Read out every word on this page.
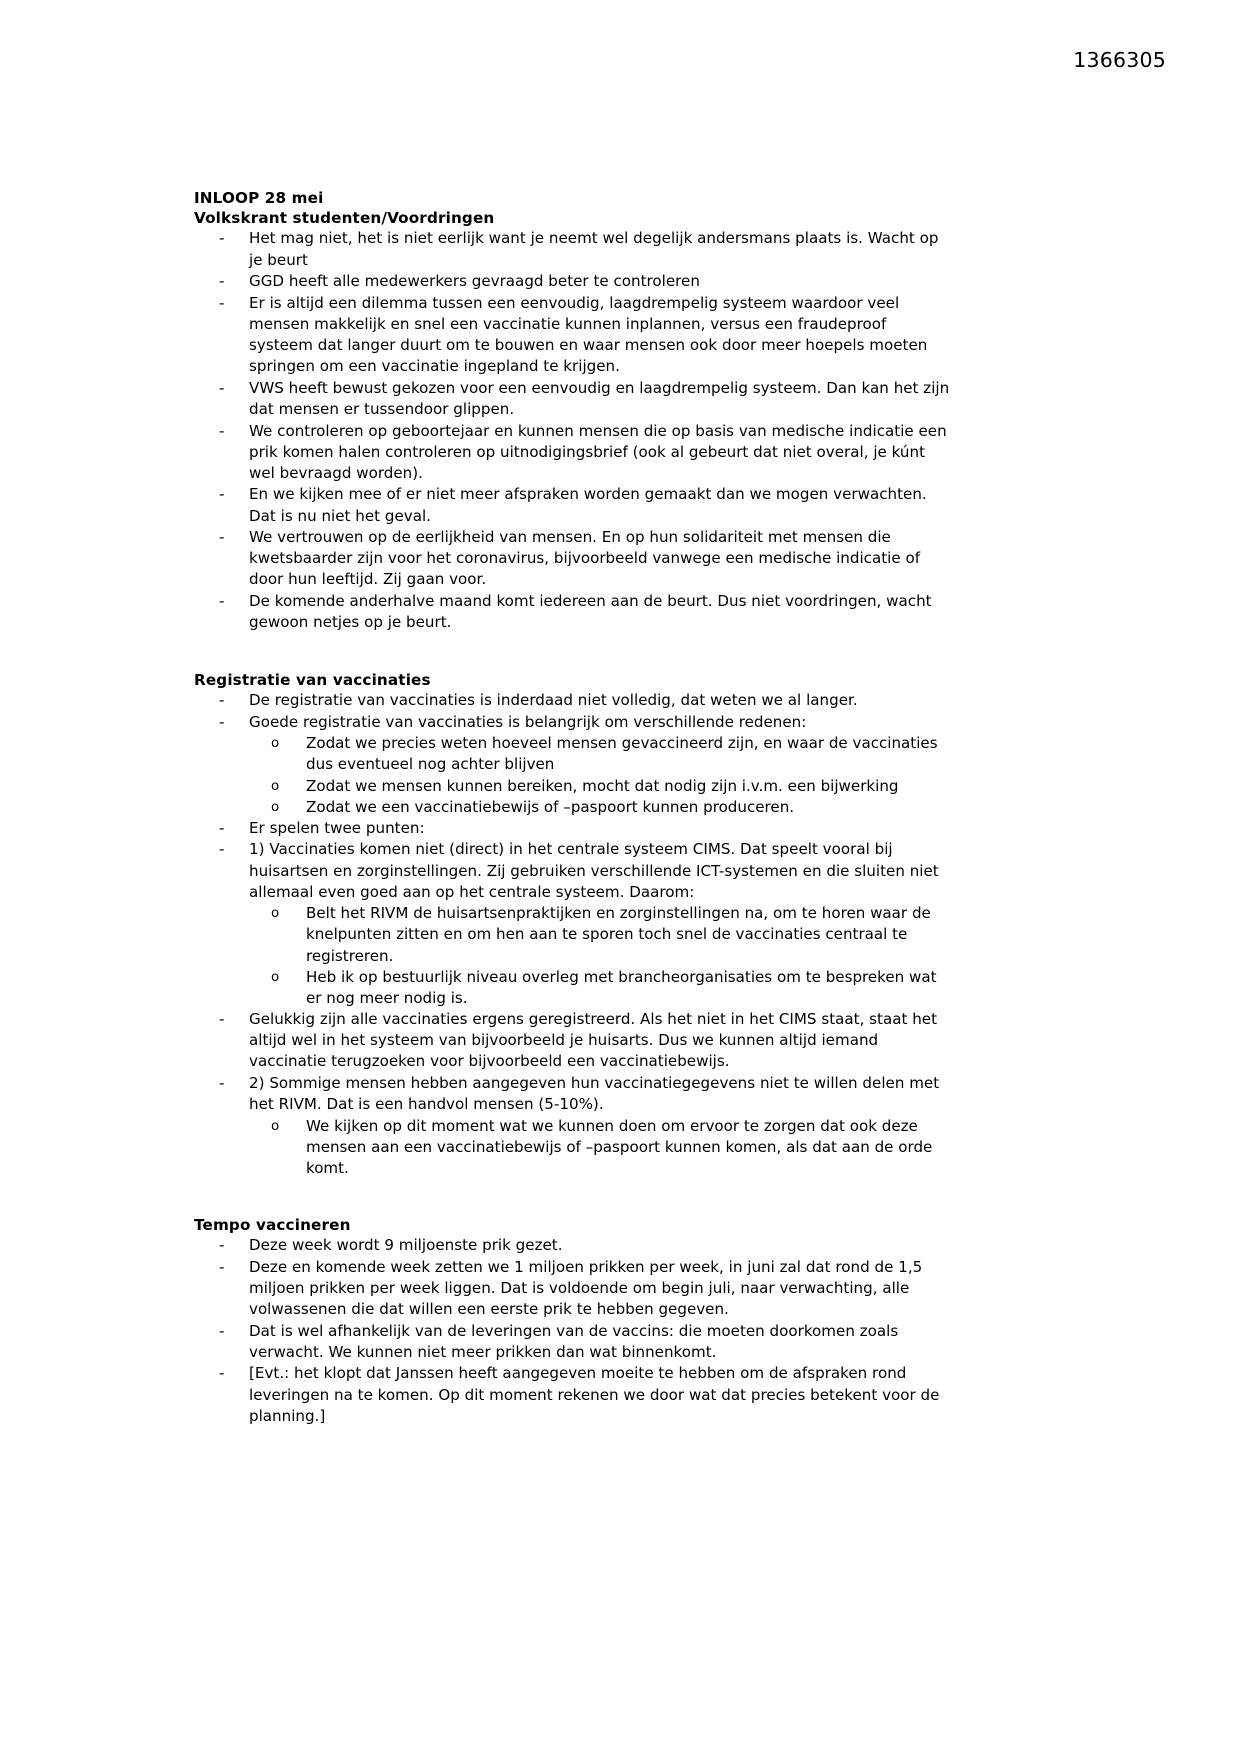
1366305
INLOOP 28 mei
Volkskrant studenten/Voordringen
- Het mag niet, het is niet eerlijk want je neemt wel degelijk andersmans plaats is. Wacht op je beurt
- GGD heeft alle medewerkers gevraagd beter te controleren
- Er is altijd een dilemma tussen een eenvoudig, laagdrempelig systeem waardoor veel mensen makkelijk en snel een vaccinatie kunnen inplannen, versus een fraudeproof systeem dat langer duurt om te bouwen en waar mensen ook door meer hoepels moeten springen om een vaccinatie ingepland te krijgen.
- VWS heeft bewust gekozen voor een eenvoudig en laagdrempelig systeem. Dan kan het zijn dat mensen er tussendoor glippen.
- We controleren op geboortejaar en kunnen mensen die op basis van medische indicatie een prik komen halen controleren op uitnodigingsbrief (ook al gebeurt dat niet overal, je kúnt wel bevraagd worden).
- En we kijken mee of er niet meer afspraken worden gemaakt dan we mogen verwachten. Dat is nu niet het geval.
- We vertrouwen op de eerlijkheid van mensen. En op hun solidariteit met mensen die kwetsbaarder zijn voor het coronavirus, bijvoorbeeld vanwege een medische indicatie of door hun leeftijd. Zij gaan voor.
- De komende anderhalve maand komt iedereen aan de beurt. Dus niet voordringen, wacht gewoon netjes op je beurt.
Registratie van vaccinaties
- De registratie van vaccinaties is inderdaad niet volledig, dat weten we al langer.
- Goede registratie van vaccinaties is belangrijk om verschillende redenen:
o Zodat we precies weten hoeveel mensen gevaccineerd zijn, en waar de vaccinaties dus eventueel nog achter blijven
o Zodat we mensen kunnen bereiken, mocht dat nodig zijn i.v.m. een bijwerking
o Zodat we een vaccinatiebewijs of –paspoort kunnen produceren.
- Er spelen twee punten:
- 1) Vaccinaties komen niet (direct) in het centrale systeem CIMS. Dat speelt vooral bij huisartsen en zorginstellingen. Zij gebruiken verschillende ICT-systemen en die sluiten niet allemaal even goed aan op het centrale systeem. Daarom:
o Belt het RIVM de huisartsenpraktijken en zorginstellingen na, om te horen waar de knelpunten zitten en om hen aan te sporen toch snel de vaccinaties centraal te registreren.
o Heb ik op bestuurlijk niveau overleg met brancheorganisaties om te bespreken wat er nog meer nodig is.
- Gelukkig zijn alle vaccinaties ergens geregistreerd. Als het niet in het CIMS staat, staat het altijd wel in het systeem van bijvoorbeeld je huisarts. Dus we kunnen altijd iemand vaccinatie terugzoeken voor bijvoorbeeld een vaccinatiebewijs.
- 2) Sommige mensen hebben aangegeven hun vaccinatiegegevens niet te willen delen met het RIVM. Dat is een handvol mensen (5-10%).
o We kijken op dit moment wat we kunnen doen om ervoor te zorgen dat ook deze mensen aan een vaccinatiebewijs of –paspoort kunnen komen, als dat aan de orde komt.
Tempo vaccineren
- Deze week wordt 9 miljoenste prik gezet.
- Deze en komende week zetten we 1 miljoen prikken per week, in juni zal dat rond de 1,5 miljoen prikken per week liggen. Dat is voldoende om begin juli, naar verwachting, alle volwassenen die dat willen een eerste prik te hebben gegeven.
- Dat is wel afhankelijk van de leveringen van de vaccins: die moeten doorkomen zoals verwacht. We kunnen niet meer prikken dan wat binnenkomt.
- [Evt.: het klopt dat Janssen heeft aangegeven moeite te hebben om de afspraken rond leveringen na te komen. Op dit moment rekenen we door wat dat precies betekent voor de planning.]
